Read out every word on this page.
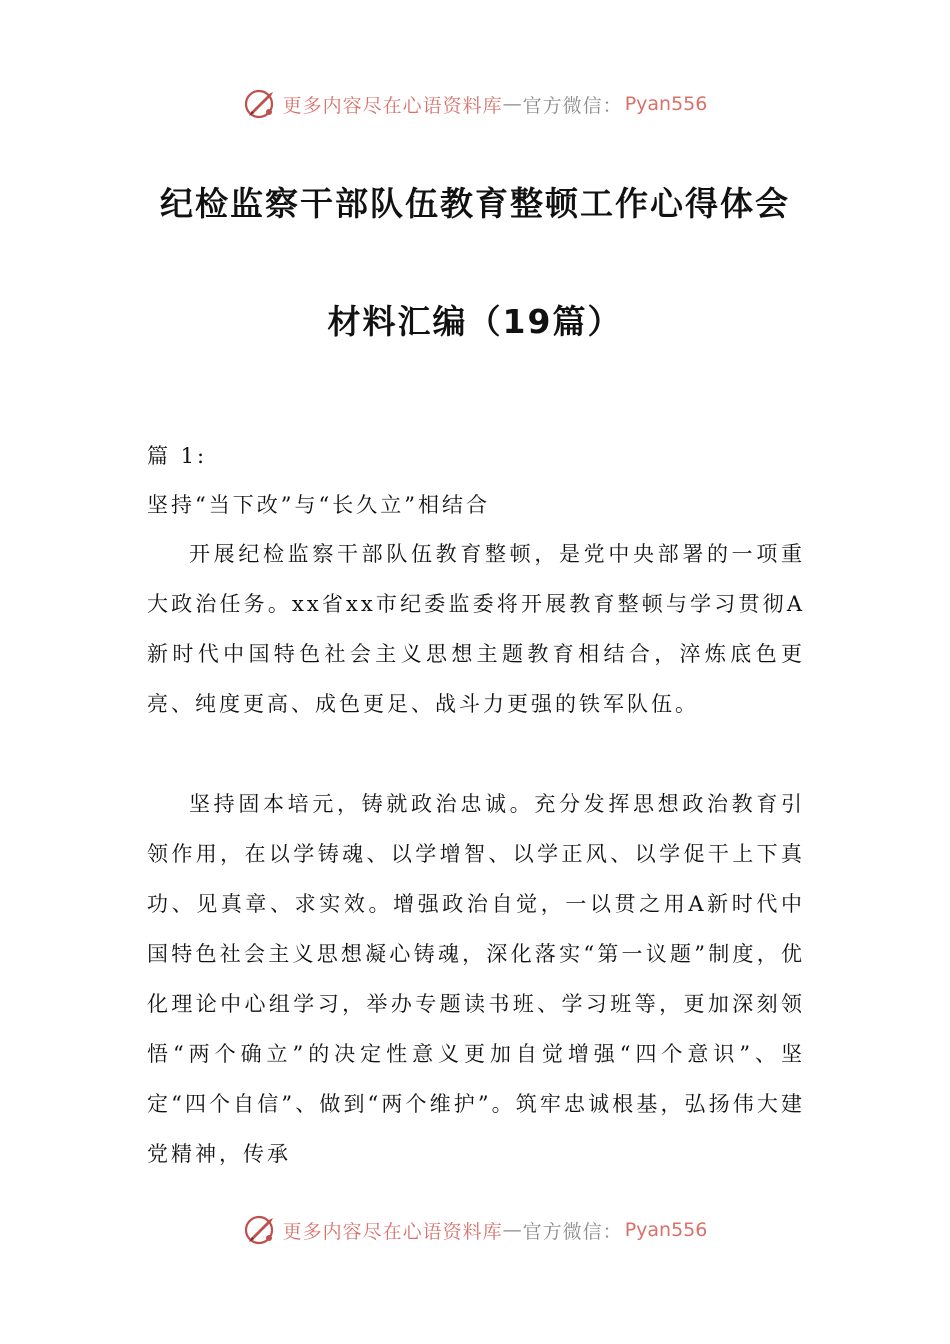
更多内容尽在心语资料库 — 官方微信： Pyan556
纪检监察干部队伍教育整顿工作心得体会
材料汇编（19篇）
篇 1:
坚持“当下改”与“长久立”相结合

开展纪检监察干部队伍教育整顿，是党中央部署的一项重大政治任务。xx省xx市纪委监委将开展教育整顿与学习贯彻A新时代中国特色社会主义思想主题教育相结合，淬炼底色更亮、纯度更高、成色更足、战斗力更强的铁军队伍。

坚持固本培元，铸就政治忠诚。充分发挥思想政治教育引领作用，在以学铸魂、以学增智、以学正风、以学促干上下真功、见真章、求实效。增强政治自觉，一以贯之用A新时代中国特色社会主义思想凝心铸魂，深化落实“第一议题”制度，优化理论中心组学习，举办专题读书班、学习班等，更加深刻领悟“两个确立”的决定性意义更加自觉增强“四个意识”、坚定“四个自信”、做到“两个维护”。筑牢忠诚根基，弘扬伟大建党精神，传承

更多内容尽在心语资料库 — 官方微信： Pyan556
